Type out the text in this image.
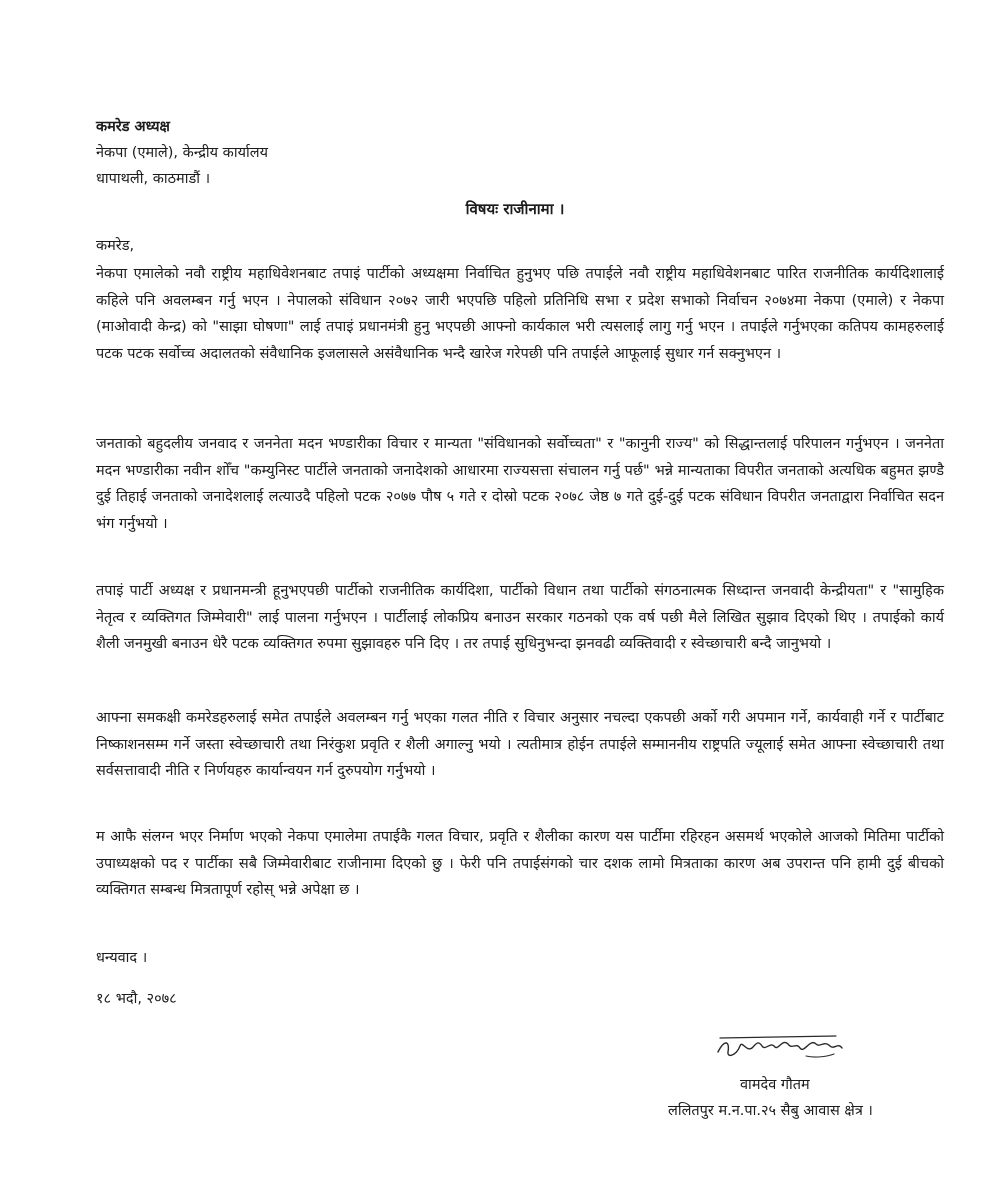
कमरेड अध्यक्ष
नेकपा (एमाले), केन्द्रीय कार्यालय
धापाथली, काठमाडौं ।
विषयः राजीनामा ।
कमरेड,

नेकपा एमालेको नवौ राष्ट्रीय महाधिवेशनबाट तपाइं पार्टीको अध्यक्षमा निर्वाचित हुनुभए पछि तपाईले नवौ राष्ट्रीय महाधिवेशनबाट पारित राजनीतिक कार्यदिशालाई कहिले पनि अवलम्बन गर्नु भएन । नेपालको संविधान २०७२ जारी भएपछि पहिलो प्रतिनिधि सभा र प्रदेश सभाको निर्वाचन २०७४मा नेकपा (एमाले) र नेकपा (माओवादी केन्द्र) को "साझा घोषणा" लाई तपाइं प्रधानमंत्री हुनु भएपछी आफ्नो कार्यकाल भरी त्यसलाई लागु गर्नु भएन । तपाईले गर्नुभएका कतिपय कामहरुलाई पटक पटक सर्वोच्च अदालतको संवैधानिक इजलासले असंवैधानिक भन्दै खारेज गरेपछी पनि तपाईले आफूलाई सुधार गर्न सक्नुभएन ।

जनताको बहुदलीय जनवाद र जननेता मदन भण्डारीका विचार र मान्यता "संविधानको सर्वोच्चता" र "कानुनी राज्य" को सिद्धान्तलाई परिपालन गर्नुभएन । जननेता मदन भण्डारीका नवीन शोँच "कम्युनिस्ट पार्टीले जनताको जनादेशको आधारमा राज्यसत्ता संचालन गर्नु पर्छ" भन्ने मान्यताका विपरीत जनताको अत्यधिक बहुमत झण्डै दुई तिहाई जनताको जनादेशलाई लत्याउदै पहिलो पटक २०७७ पौष ५ गते र दोस्रो पटक २०७८ जेष्ठ ७ गते दुई-दुई पटक संविधान विपरीत जनताद्वारा निर्वाचित सदन भंग गर्नुभयो ।

तपाइं पार्टी अध्यक्ष र प्रधानमन्त्री हूनुभएपछी पार्टीको राजनीतिक कार्यदिशा, पार्टीको विधान तथा पार्टीको संगठनात्मक सिध्दान्त जनवादी केन्द्रीयता" र "सामुहिक नेतृत्व र व्यक्तिगत जिम्मेवारी" लाई पालना गर्नुभएन । पार्टीलाई लोकप्रिय बनाउन सरकार गठनको एक वर्ष पछी मैले लिखित सुझाव दिएको थिए । तपाईको कार्य शैली जनमुखी बनाउन धेरै पटक व्यक्तिगत रुपमा सुझावहरु पनि दिए । तर तपाई सुधिनुभन्दा झनवढी व्यक्तिवादी र स्वेच्छाचारी बन्दै जानुभयो ।

आफ्ना समकक्षी कमरेडहरुलाई समेत तपाईले अवलम्बन गर्नु भएका गलत नीति र विचार अनुसार नचल्दा एकपछी अर्को गरी अपमान गर्ने, कार्यवाही गर्ने र पार्टीबाट निष्काशनसम्म गर्ने जस्ता स्वेच्छाचारी तथा निरंकुश प्रवृति र शैली अगाल्नु भयो । त्यतीमात्र होईन तपाईले सम्माननीय राष्ट्रपति ज्यूलाई समेत आफ्ना स्वेच्छाचारी तथा सर्वसत्तावादी नीति र निर्णयहरु कार्यान्वयन गर्न दुरुपयोग गर्नुभयो ।

म आफै संलग्न भएर निर्माण भएको नेकपा एमालेमा तपाईकै गलत विचार, प्रवृति र शैलीका कारण यस पार्टीमा रहिरहन असमर्थ भएकोले आजको मितिमा पार्टीको उपाध्यक्षको पद र पार्टीका सबै जिम्मेवारीबाट राजीनामा दिएको छु । फेरी पनि तपाईसंगको चार दशक लामो मित्रताका कारण अब उपरान्त पनि हामी दुई बीचको व्यक्तिगत सम्बन्ध मित्रतापूर्ण रहोस् भन्ने अपेक्षा छ ।

धन्यवाद ।
१८ भदौ, २०७८
वामदेव गौतम
ललितपुर म.न.पा.२५ सैबु आवास क्षेत्र ।
